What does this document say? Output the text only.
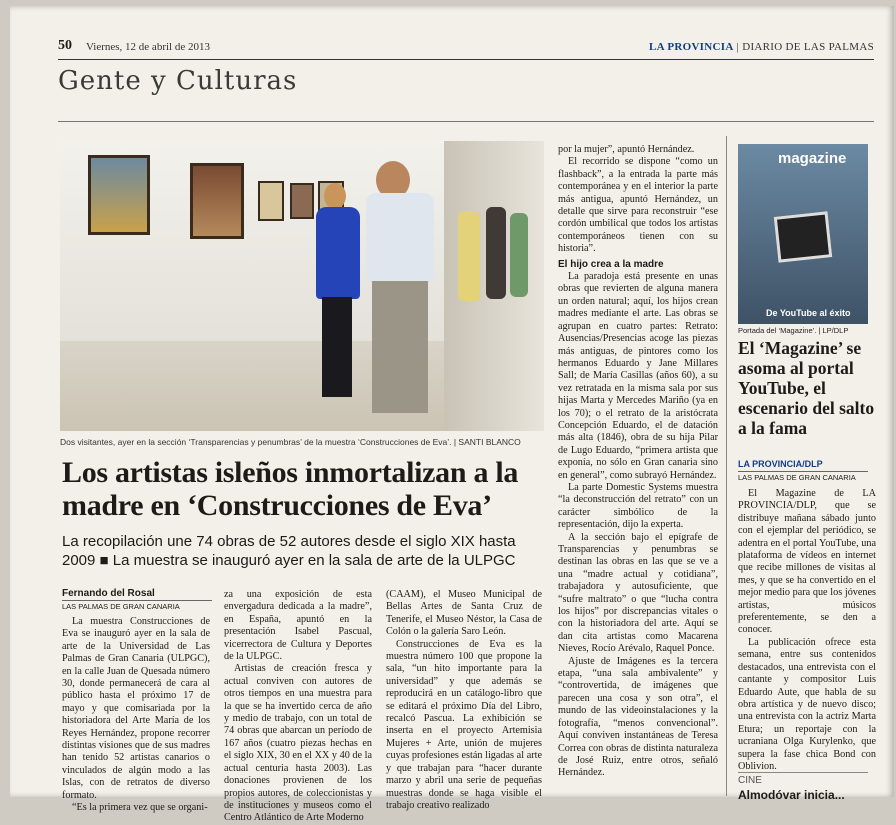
50 Viernes, 12 de abril de 2013	LA PROVINCIA | DIARIO DE LAS PALMAS
Gente y Culturas
Dos visitantes, ayer en la sección ‘Transparencias y penumbras’ de la muestra ‘Construcciones de Eva’. | SANTI BLANCO
Los artistas isleños inmortalizan a la madre en ‘Construcciones de Eva’
La recopilación une 74 obras de 52 autores desde el siglo XIX hasta 2009 ■ La muestra se inauguró ayer en la sala de arte de la ULPGC
Fernando del Rosal
LAS PALMAS DE GRAN CANARIA

La muestra Construcciones de Eva se inauguró ayer en la sala de arte de la Universidad de Las Palmas de Gran Canaria (ULPGC), en la calle Juan de Quesada número 30, donde permanecerá de cara al público hasta el próximo 17 de mayo y que comisariada por la historiadora del Arte María de los Reyes Hernández, propone recorrer distintas visiones que de sus madres han tenido 52 artistas canarios o vinculados de algún modo a las Islas, con de retratos de diverso formato.

“Es la primera vez que se organi-

za una exposición de esta envergadura dedicada a la madre”, en España, apuntó en la presentación Isabel Pascual, vicerrectora de Cultura y Deportes de la ULPGC.

Artistas de creación fresca y actual conviven con autores de otros tiempos en una muestra para la que se ha invertido cerca de año y medio de trabajo, con un total de 74 obras que abarcan un período de 167 años (cuatro piezas hechas en el siglo XIX, 30 en el XX y 40 de la actual centuria hasta 2003). Las donaciones provienen de los propios autores, de coleccionistas y de instituciones y museos como el Centro Atlántico de Arte Moderno

(CAAM), el Museo Municipal de Bellas Artes de Santa Cruz de Tenerife, el Museo Néstor, la Casa de Colón o la galería Saro León.

Construcciones de Eva es la muestra número 100 que propone la sala, “un hito importante para la universidad” y que además se reproducirá en un catálogo-libro que se editará el próximo Día del Libro, recalcó Pascua. La exhibición se inserta en el proyecto Artemisia Mujeres + Arte, unión de mujeres cuyas profesiones están ligadas al arte y que trabajan para “hacer durante marzo y abril una serie de pequeñas muestras donde se haga visible el trabajo creativo realizado

por la mujer”, apuntó Hernández.

El recorrido se dispone “como un flashback”, a la entrada la parte más contemporánea y en el interior la parte más antigua, apuntó Hernández, un detalle que sirve para reconstruir “ese cordón umbilical que todos los artistas contemporáneos tienen con su historia”.

El hijo crea a la madre

La paradoja está presente en unas obras que revierten de alguna manera un orden natural; aquí, los hijos crean madres mediante el arte. Las obras se agrupan en cuatro partes: Retrato: Ausencias/Presencias acoge las piezas más antiguas, de pintores como los hermanos Eduardo y Jane Millares Sall; de María Casillas (años 60), a su vez retratada en la misma sala por sus hijas Marta y Mercedes Mariño (ya en los 70); o el retrato de la aristócrata Concepción Eduardo, el de datación más alta (1846), obra de su hija Pilar de Lugo Eduardo, “primera artista que exponía, no sólo en Gran canaria sino en general”, como subrayó Hernández.

La parte Domestic Systems muestra “la deconstrucción del retrato” con un carácter simbólico de la representación, dijo la experta.

A la sección bajo el epígrafe de Transparencias y penumbras se destinan las obras en las que se ve a una “madre actual y cotidiana”, trabajadora y autosuficiente, que “sufre maltrato” o que “lucha contra los hijos” por discrepancias vitales o con la historiadora del arte. Aquí se dan cita artistas como Macarena Nieves, Rocío Arévalo, Raquel Ponce.

Ajuste de Imágenes es la tercera etapa, “una sala ambivalente” y “controvertida, de imágenes que parecen una cosa y son otra”, el mundo de las videoinstalaciones y la fotografía, “menos convencional”. Aquí conviven instantáneas de Teresa Correa con obras de distinta naturaleza de José Ruiz, entre otros, señaló Hernández.

magazine
De YouTube al éxito
Portada del ‘Magazine’. | LP/DLP
El ‘Magazine’ se asoma al portal YouTube, el escenario del salto a la fama
LA PROVINCIA/DLP
LAS PALMAS DE GRAN CANARIA

El Magazine de LA PROVINCIA/DLP, que se distribuye mañana sábado junto con el ejemplar del periódico, se adentra en el portal YouTube, una plataforma de vídeos en internet que recibe millones de visitas al mes, y que se ha convertido en el mejor medio para que los jóvenes artistas, músicos preferentemente, se den a conocer.

La publicación ofrece esta semana, entre sus contenidos destacados, una entrevista con el cantante y compositor Luis Eduardo Aute, que habla de su obra artística y de nuevo disco; una entrevista con la actriz Marta Etura; un reportaje con la ucraniana Olga Kurylenko, que supera la fase chica Bond con Oblivion.

CINE
Almodóvar inicia...
